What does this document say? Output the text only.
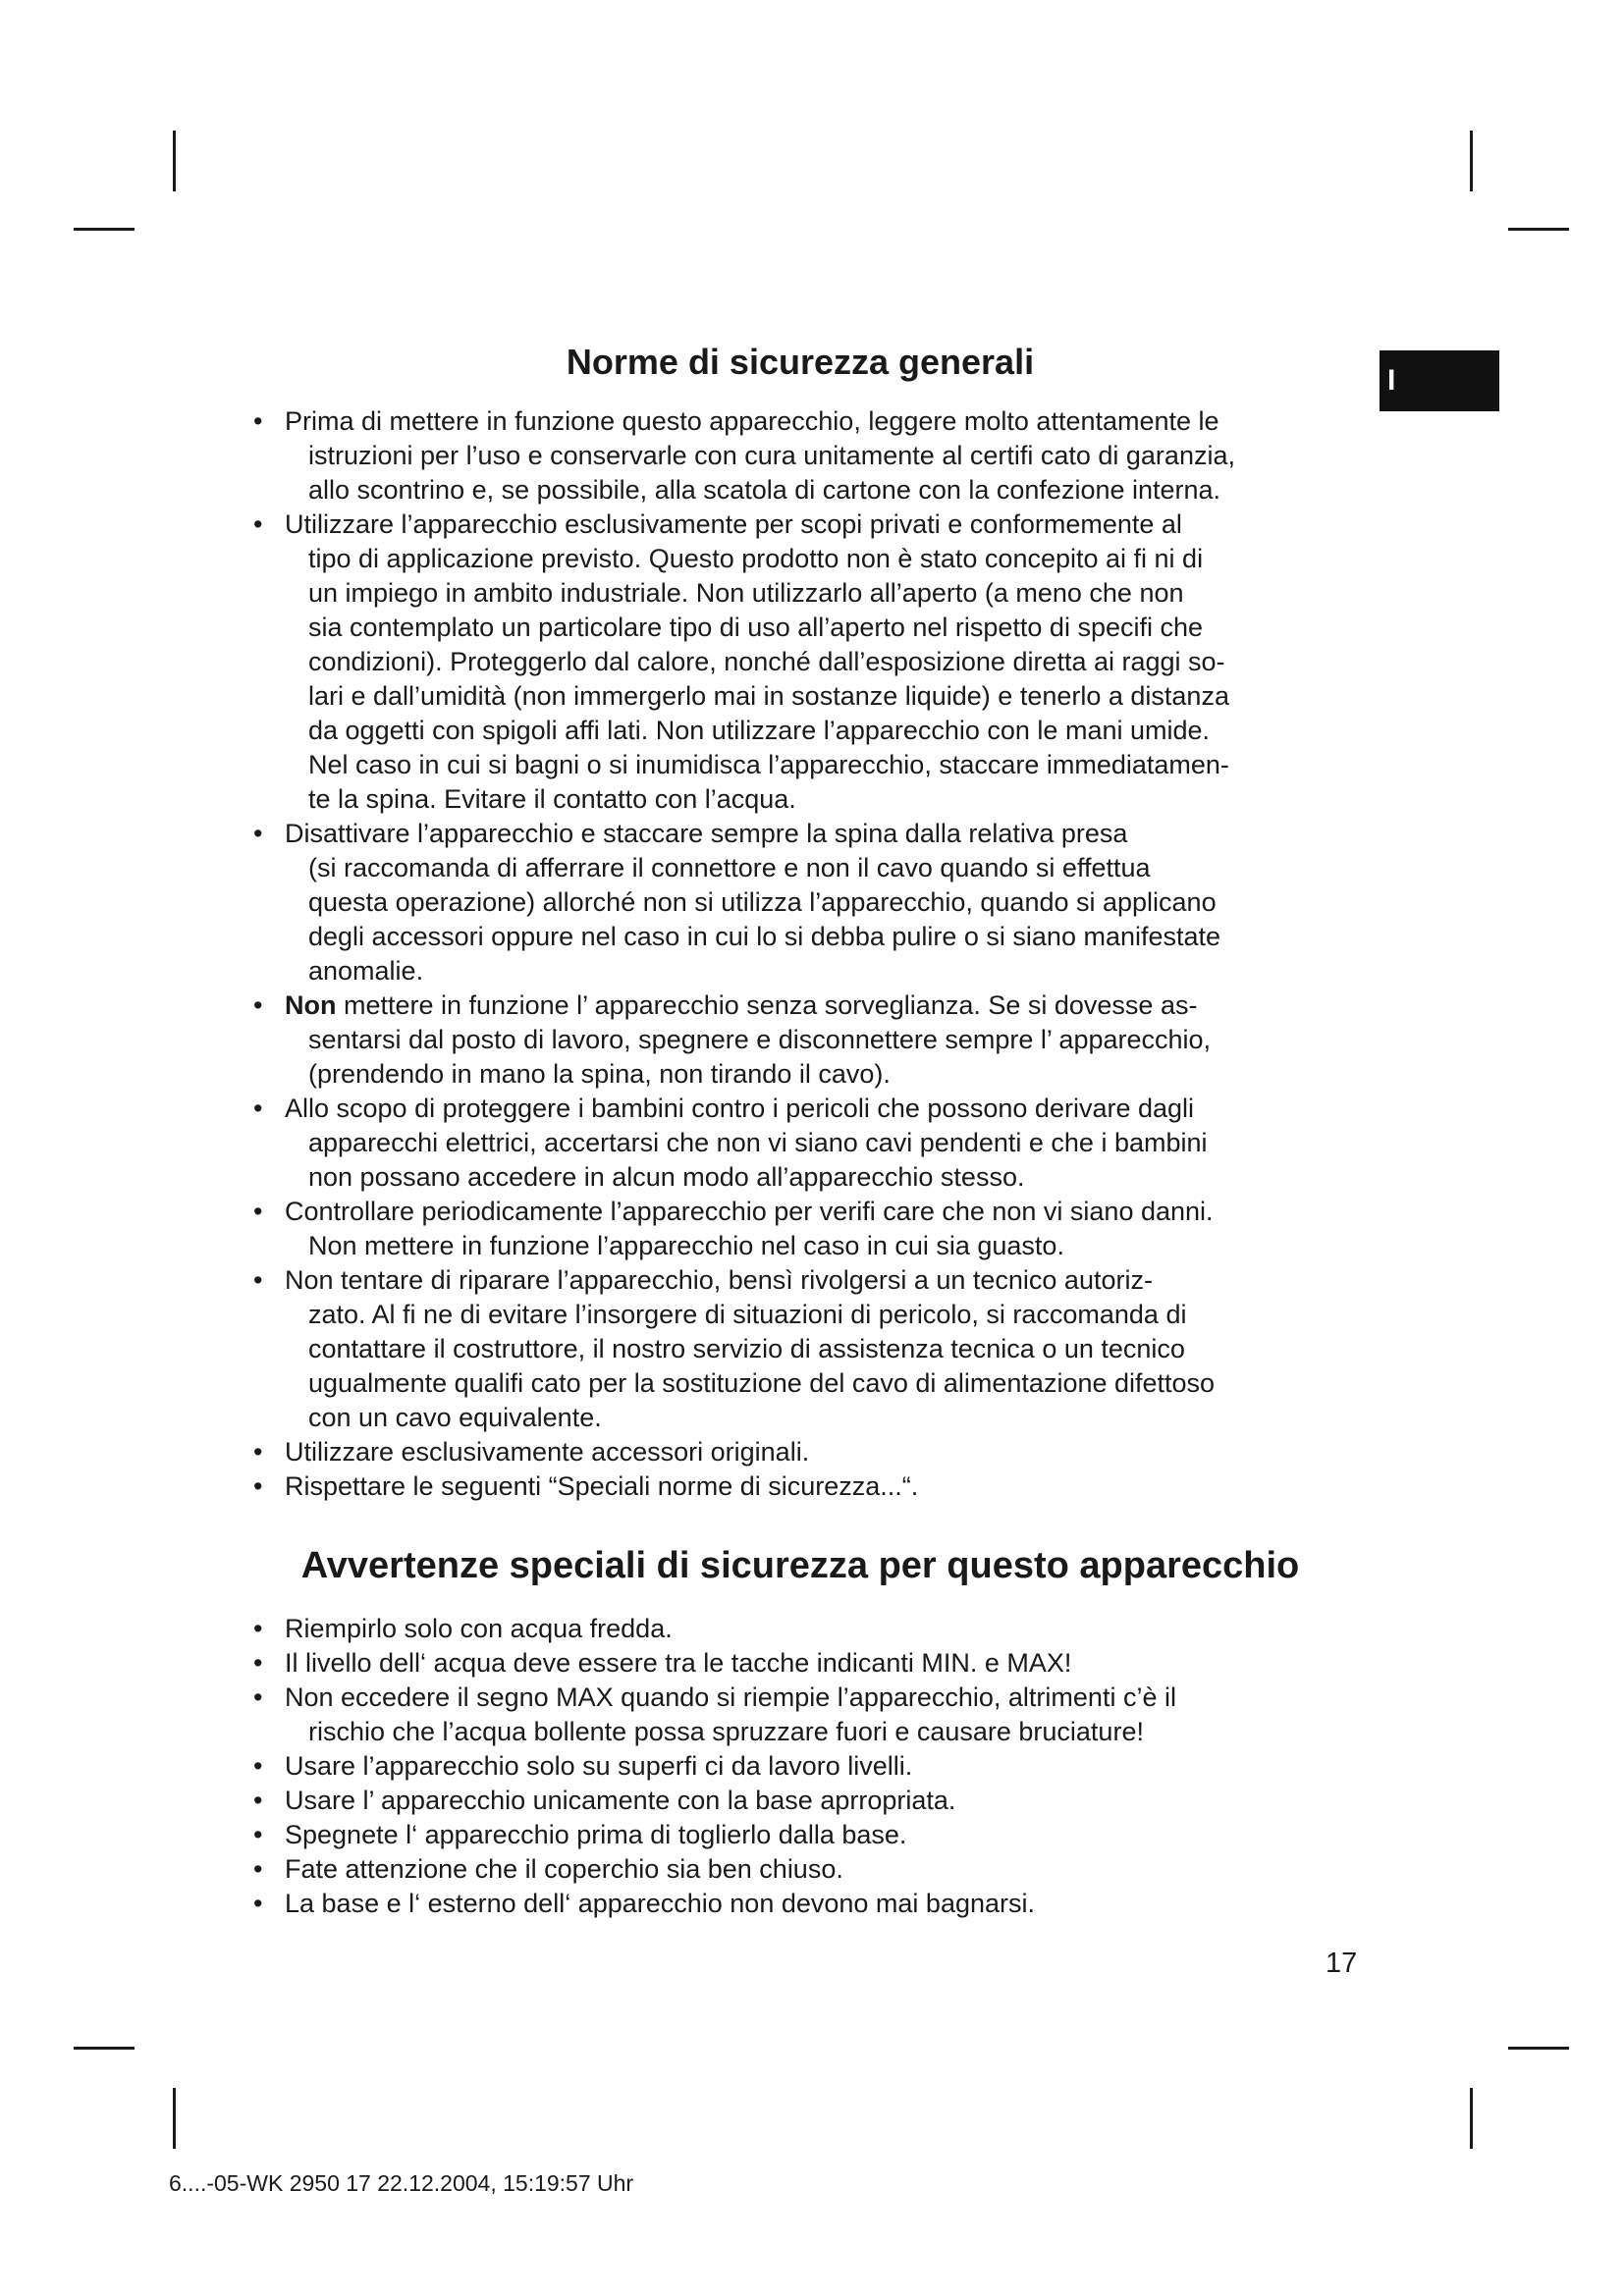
I
Norme di sicurezza generali
• Prima di mettere in funzione questo apparecchio, leggere molto attentamente le
istruzioni per l’uso e conservarle con cura unitamente al certifi cato di garanzia,
allo scontrino e, se possibile, alla scatola di cartone con la confezione interna.
• Utilizzare l’apparecchio esclusivamente per scopi privati e conformemente al
tipo di applicazione previsto. Questo prodotto non è stato concepito ai fi ni di
un impiego in ambito industriale. Non utilizzarlo all’aperto (a meno che non
sia contemplato un particolare tipo di uso all’aperto nel rispetto di specifi che
condizioni). Proteggerlo dal calore, nonché dall’esposizione diretta ai raggi so-
lari e dall’umidità (non immergerlo mai in sostanze liquide) e tenerlo a distanza
da oggetti con spigoli affi lati. Non utilizzare l’apparecchio con le mani umide.
Nel caso in cui si bagni o si inumidisca l’apparecchio, staccare immediatamen-
te la spina. Evitare il contatto con l’acqua.
• Disattivare l’apparecchio e staccare sempre la spina dalla relativa presa
(si raccomanda di afferrare il connettore e non il cavo quando si effettua
questa operazione) allorché non si utilizza l’apparecchio, quando si applicano
degli accessori oppure nel caso in cui lo si debba pulire o si siano manifestate
anomalie.
• Non mettere in funzione l’ apparecchio senza sorveglianza. Se si dovesse as-
sentarsi dal posto di lavoro, spegnere e disconnettere sempre l’ apparecchio,
(prendendo in mano la spina, non tirando il cavo).
• Allo scopo di proteggere i bambini contro i pericoli che possono derivare dagli
apparecchi elettrici, accertarsi che non vi siano cavi pendenti e che i bambini
non possano accedere in alcun modo all’apparecchio stesso.
• Controllare periodicamente l’apparecchio per verifi care che non vi siano danni.
Non mettere in funzione l’apparecchio nel caso in cui sia guasto.
• Non tentare di riparare l’apparecchio, bensì rivolgersi a un tecnico autoriz-
zato. Al fi ne di evitare l’insorgere di situazioni di pericolo, si raccomanda di
contattare il costruttore, il nostro servizio di assistenza tecnica o un tecnico
ugualmente qualifi cato per la sostituzione del cavo di alimentazione difettoso
con un cavo equivalente.
• Utilizzare esclusivamente accessori originali.
• Rispettare le seguenti “Speciali norme di sicurezza...“.
Avvertenze speciali di sicurezza per questo apparecchio
• Riempirlo solo con acqua fredda.
• Il livello dell‘ acqua deve essere tra le tacche indicanti MIN. e MAX!
• Non eccedere il segno MAX quando si riempie l’apparecchio, altrimenti c’è il
rischio che l’acqua bollente possa spruzzare fuori e causare bruciature!
• Usare l’apparecchio solo su superfi ci da lavoro livelli.
• Usare l’ apparecchio unicamente con la base aprropriata.
• Spegnete l‘ apparecchio prima di toglierlo dalla base.
• Fate attenzione che il coperchio sia ben chiuso.
• La base e l‘ esterno dell‘ apparecchio non devono mai bagnarsi.
17
6....-05-WK 2950 17 22.12.2004, 15:19:57 Uhr
